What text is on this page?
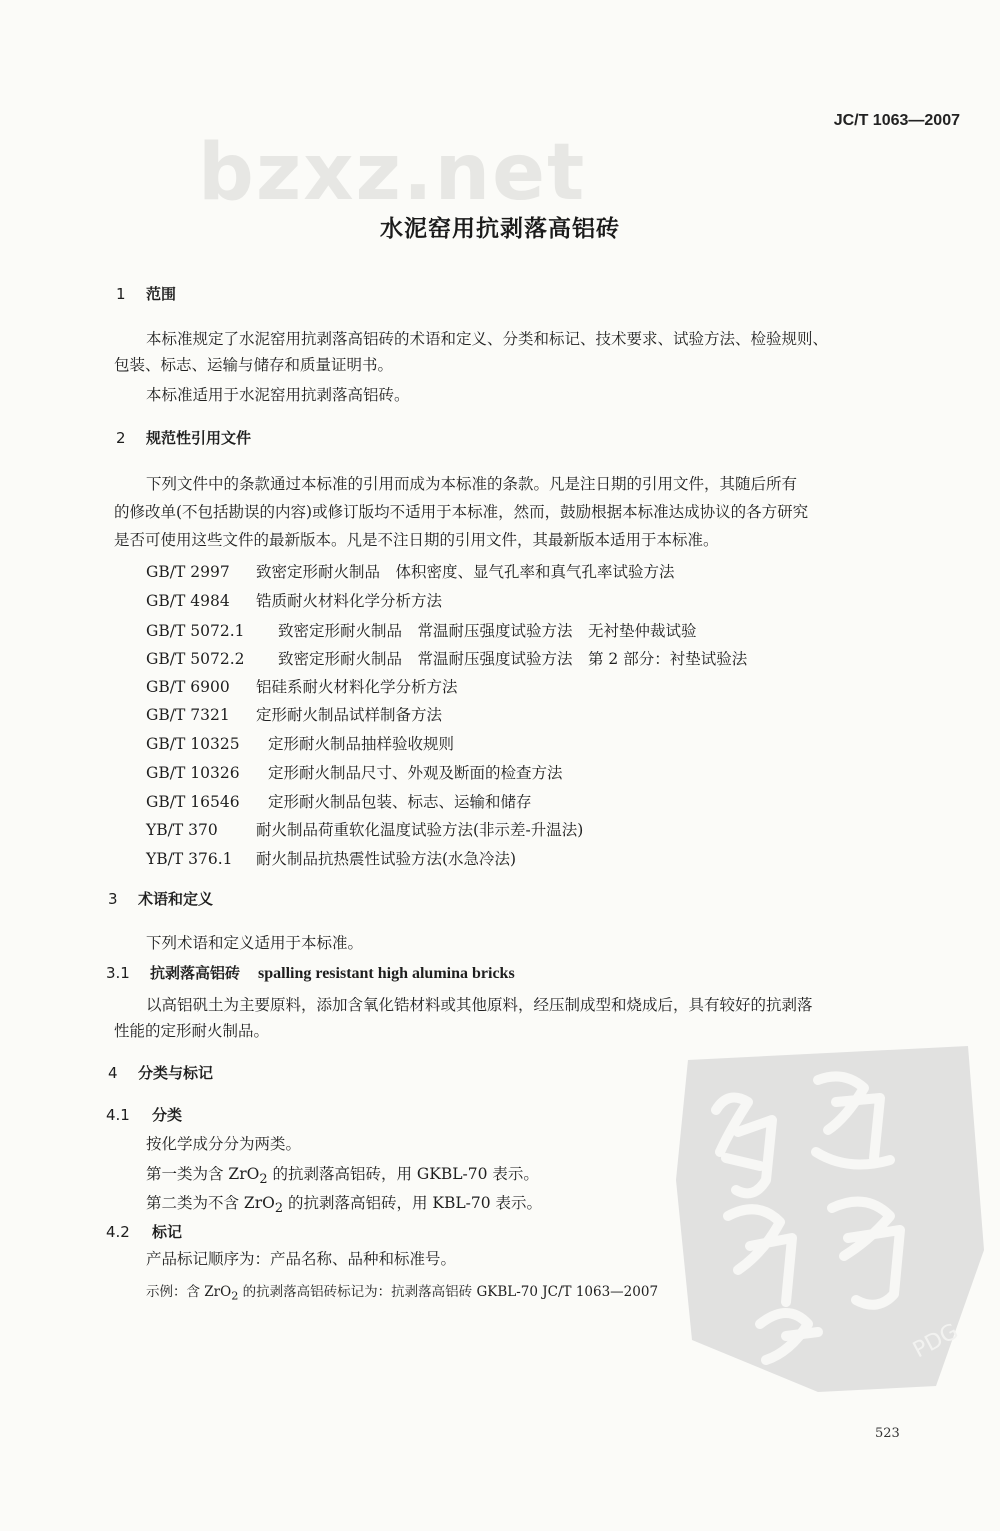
JC/T 1063—2007
bzxz.net
水泥窑用抗剥落高铝砖
1 范围
本标准规定了水泥窑用抗剥落高铝砖的术语和定义、分类和标记、技术要求、试验方法、检验规则、
包装、标志、运输与储存和质量证明书。
本标准适用于水泥窑用抗剥落高铝砖。
2 规范性引用文件
下列文件中的条款通过本标准的引用而成为本标准的条款。凡是注日期的引用文件，其随后所有
的修改单(不包括勘误的内容)或修订版均不适用于本标准，然而，鼓励根据本标准达成协议的各方研究
是否可使用这些文件的最新版本。凡是不注日期的引用文件，其最新版本适用于本标准。
GB/T 2997 致密定形耐火制品　体积密度、显气孔率和真气孔率试验方法
GB/T 4984 锆质耐火材料化学分析方法
GB/T 5072.1 致密定形耐火制品　常温耐压强度试验方法　无衬垫仲裁试验
GB/T 5072.2 致密定形耐火制品　常温耐压强度试验方法　第 2 部分：衬垫试验法
GB/T 6900 铝硅系耐火材料化学分析方法
GB/T 7321 定形耐火制品试样制备方法
GB/T 10325 定形耐火制品抽样验收规则
GB/T 10326 定形耐火制品尺寸、外观及断面的检查方法
GB/T 16546 定形耐火制品包装、标志、运输和储存
YB/T 370 耐火制品荷重软化温度试验方法(非示差-升温法)
YB/T 376.1 耐火制品抗热震性试验方法(水急冷法)
3 术语和定义
下列术语和定义适用于本标准。
3.1 抗剥落高铝砖 spalling resistant high alumina bricks
以高铝矾土为主要原料，添加含氧化锆材料或其他原料，经压制成型和烧成后，具有较好的抗剥落
性能的定形耐火制品。
4 分类与标记
4.1 分类
按化学成分分为两类。
第一类为含 ZrO$_2$ 的抗剥落高铝砖，用 GKBL-70 表示。
第二类为不含 ZrO$_2$ 的抗剥落高铝砖，用 KBL-70 表示。
4.2 标记
产品标记顺序为：产品名称、品种和标准号。
示例：含 ZrO$_2$ 的抗剥落高铝砖标记为：抗剥落高铝砖 GKBL-70 JC/T 1063—2007
PDG
523
